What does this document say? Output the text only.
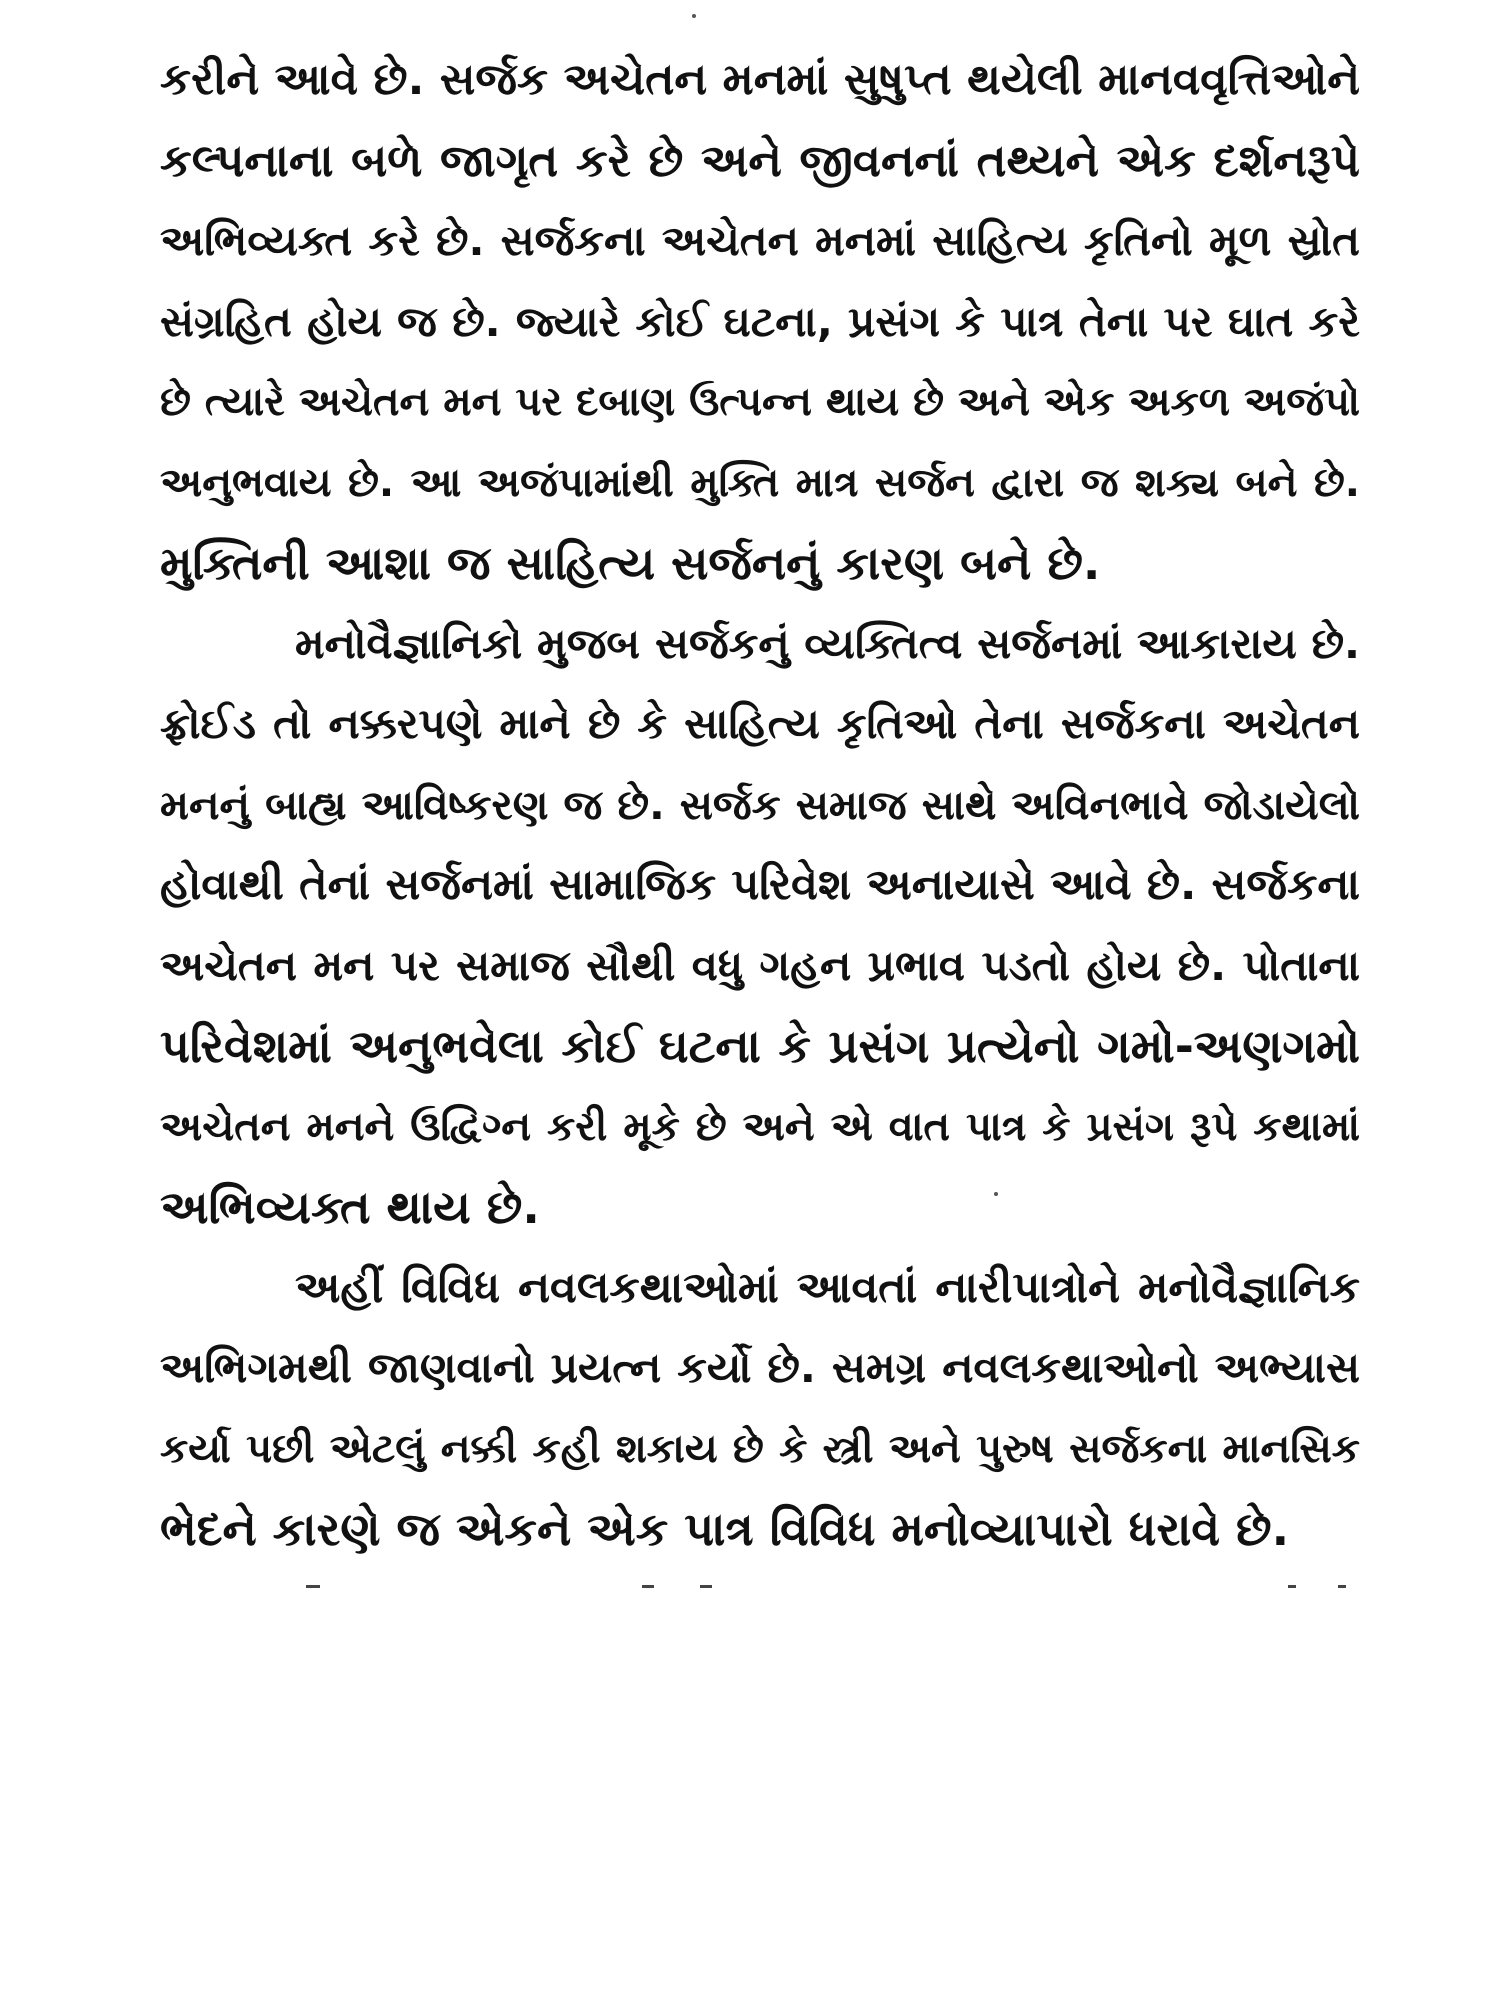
કરીને આવે છે. સર્જક અચેતન મનમાં સુષુપ્ત થયેલી માનવવૃત્તિઓને
કલ્પનાના બળે જાગૃત કરે છે અને જીવનનાં તથ્યને એક દર્શનરૂપે
અભિવ્યક્ત કરે છે. સર્જકના અચેતન મનમાં સાહિત્ય કૃતિનો મૂળ સ્રોત
સંગ્રહિત હોય જ છે. જ્યારે કોઈ ઘટના, પ્રસંગ કે પાત્ર તેના પર ઘાત કરે
છે ત્યારે અચેતન મન પર દબાણ ઉત્પન્ન થાય છે અને એક અકળ અજંપો
અનુભવાય છે. આ અજંપામાંથી મુક્તિ માત્ર સર્જન દ્વારા જ શક્ય બને છે.
મુક્તિની આશા જ સાહિત્ય સર્જનનું કારણ બને છે.
મનોવૈજ્ઞાનિકો મુજબ સર્જકનું વ્યક્તિત્વ સર્જનમાં આકારાય છે.
ફ્રોઈડ તો નક્કરપણે માને છે કે સાહિત્ય કૃતિઓ તેના સર્જકના અચેતન
મનનું બાહ્ય આવિષ્કરણ જ છે. સર્જક સમાજ સાથે અવિનભાવે જોડાયેલો
હોવાથી તેનાં સર્જનમાં સામાજિક પરિવેશ અનાયાસે આવે છે. સર્જકના
અચેતન મન પર સમાજ સૌથી વધુ ગહન પ્રભાવ પડતો હોય છે. પોતાના
પરિવેશમાં અનુભવેલા કોઈ ઘટના કે પ્રસંગ પ્રત્યેનો ગમો-અણગમો
અચેતન મનને ઉદ્વિગ્ન કરી મૂકે છે અને એ વાત પાત્ર કે પ્રસંગ રૂપે કથામાં
અભિવ્યક્ત થાય છે.
અહીં વિવિધ નવલકથાઓમાં આવતાં નારીપાત્રોને મનોવૈજ્ઞાનિક
અભિગમથી જાણવાનો પ્રયત્ન કર્યો છે. સમગ્ર નવલકથાઓનો અભ્યાસ
કર્યા પછી એટલું નક્કી કહી શકાય છે કે સ્ત્રી અને પુરુષ સર્જકના માનસિક
ભેદને કારણે જ એકને એક પાત્ર વિવિધ મનોવ્યાપારો ધરાવે છે.
